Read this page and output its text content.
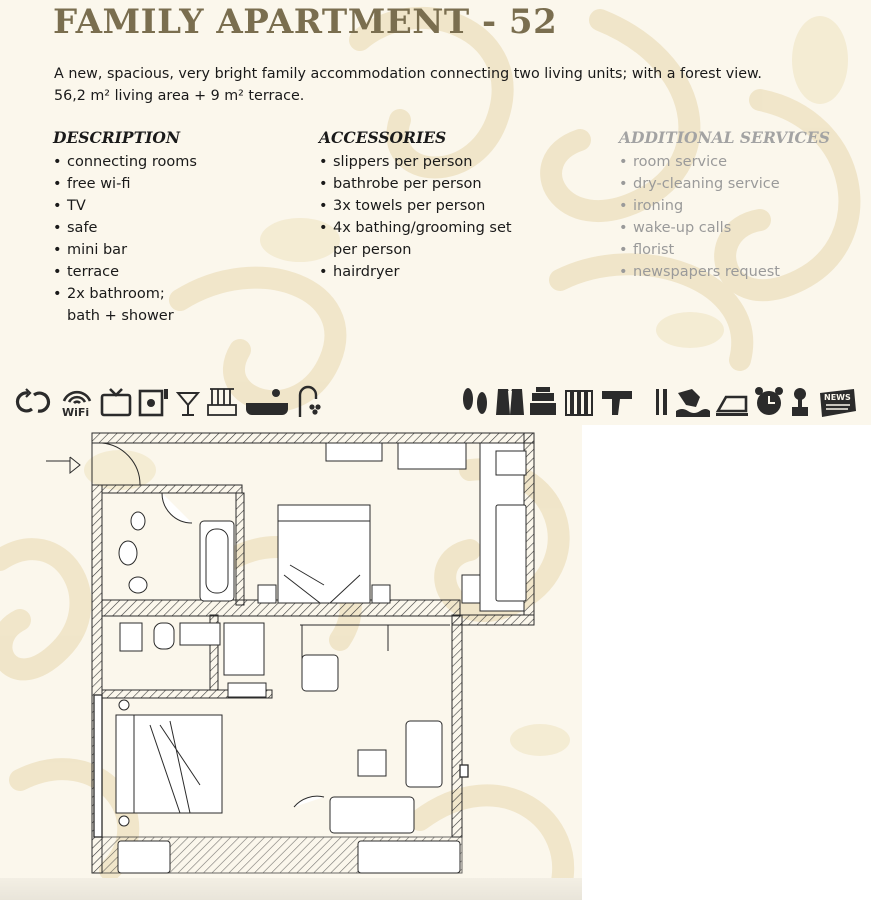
FAMILY APARTMENT - 52

A new, spacious, very bright family accommodation connecting two living units; with a forest view.
56,2 m² living area + 9 m² terrace.

DESCRIPTION
• connecting rooms
• free wi-fi
• TV
• safe
• mini bar
• terrace
• 2x bathroom;
bath + shower
ACCESSORIES
• slippers per person
• bathrobe per person
• 3x towels per person
• 4x bathing/grooming set
per person
• hairdryer
ADDITIONAL SERVICES
• room service
• dry-cleaning service
• ironing
• wake-up calls
• florist
• newspapers request
WiFi
NEWS
